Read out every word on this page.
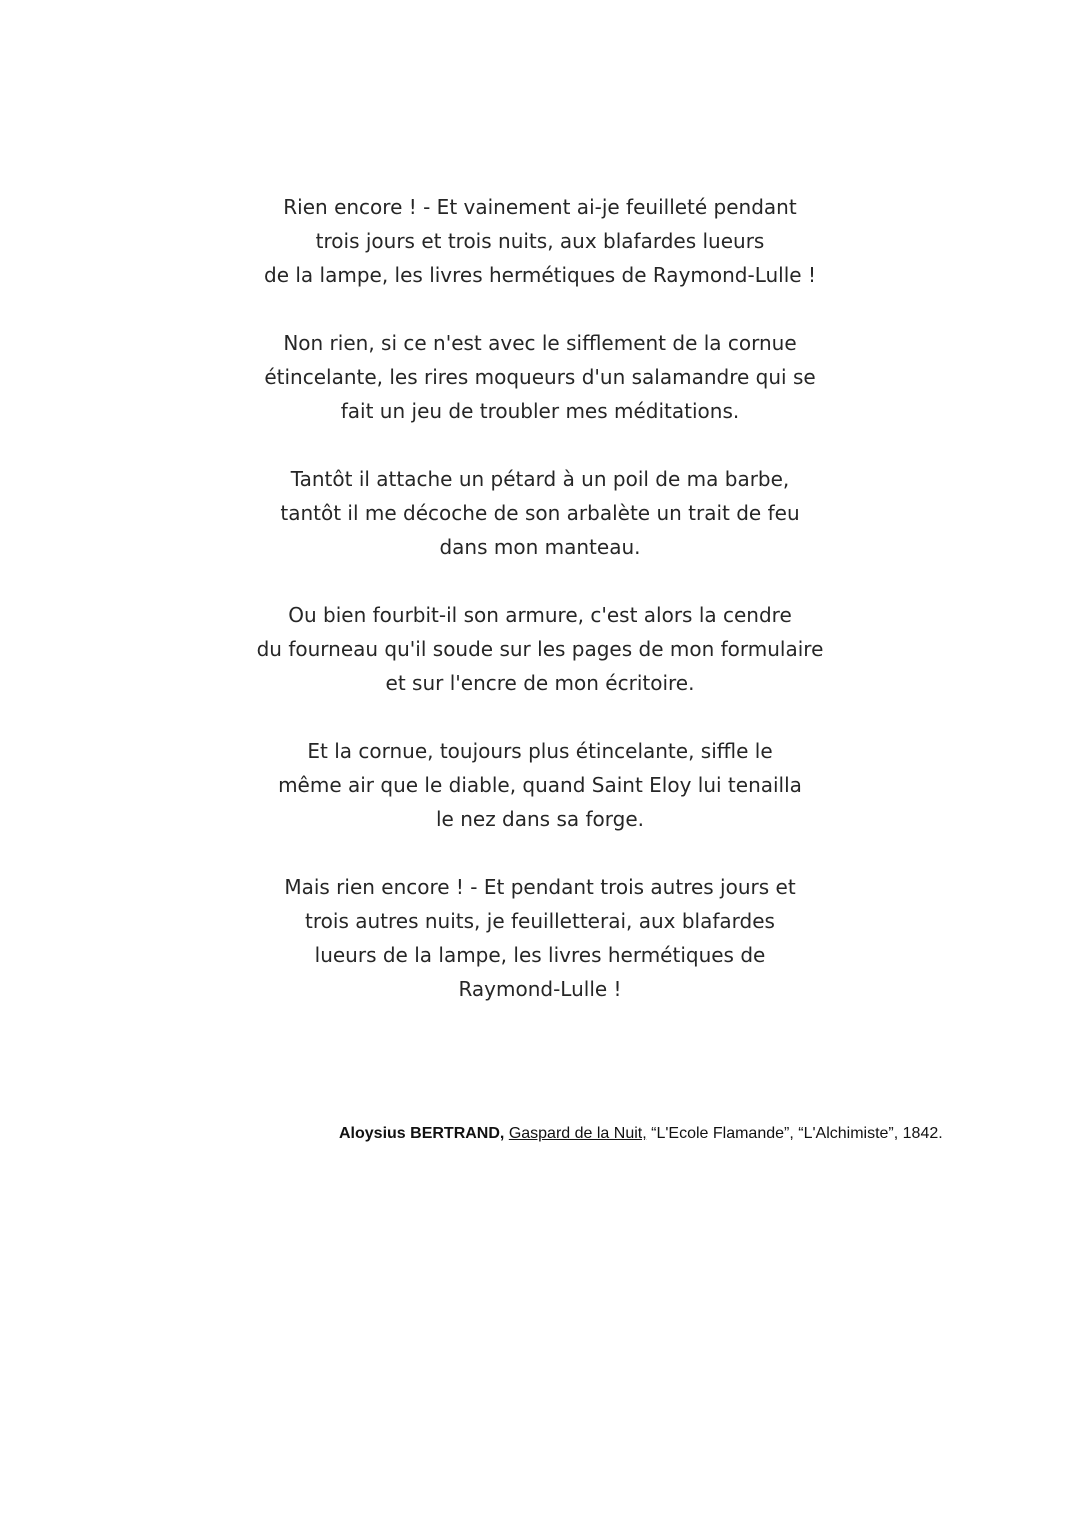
Rien encore ! - Et vainement ai-je feuilleté pendant
trois jours et trois nuits, aux blafardes lueurs
de la lampe, les livres hermétiques de Raymond-Lulle !
Non rien, si ce n'est avec le sifflement de la cornue
étincelante, les rires moqueurs d'un salamandre qui se
fait un jeu de troubler mes méditations.
Tantôt il attache un pétard à un poil de ma barbe,
tantôt il me décoche de son arbalète un trait de feu
dans mon manteau.
Ou bien fourbit-il son armure, c'est alors la cendre
du fourneau qu'il soude sur les pages de mon formulaire
et sur l'encre de mon écritoire.
Et la cornue, toujours plus étincelante, siffle le
même air que le diable, quand Saint Eloy lui tenailla
le nez dans sa forge.
Mais rien encore ! - Et pendant trois autres jours et
trois autres nuits, je feuilletterai, aux blafardes
lueurs de la lampe, les livres hermétiques de
Raymond-Lulle !
Aloysius BERTRAND, Gaspard de la Nuit, “L'Ecole Flamande”, “L'Alchimiste”, 1842.
